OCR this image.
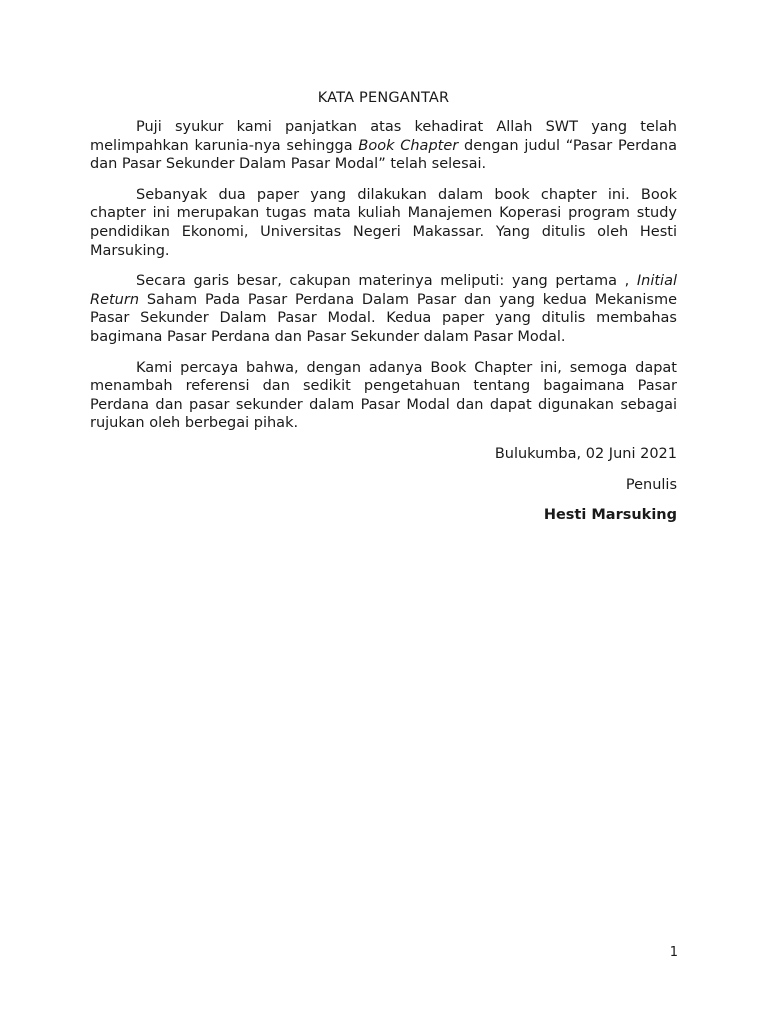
KATA PENGANTAR

Puji syukur kami panjatkan atas kehadirat Allah SWT yang telah melimpahkan karunia-nya sehingga Book Chapter dengan judul “Pasar Perdana dan Pasar Sekunder Dalam Pasar Modal” telah selesai.

Sebanyak dua paper yang dilakukan dalam book chapter ini. Book chapter ini merupakan tugas mata kuliah Manajemen Koperasi program study pendidikan Ekonomi, Universitas Negeri Makassar. Yang ditulis oleh Hesti Marsuking.

Secara garis besar, cakupan materinya meliputi: yang pertama , Initial Return Saham Pada Pasar Perdana Dalam Pasar dan yang kedua Mekanisme Pasar Sekunder Dalam Pasar Modal. Kedua paper yang ditulis membahas bagimana Pasar Perdana dan Pasar Sekunder dalam Pasar Modal.

Kami percaya bahwa, dengan adanya Book Chapter ini, semoga dapat menambah referensi dan sedikit pengetahuan tentang bagaimana Pasar Perdana dan pasar sekunder dalam Pasar Modal dan dapat digunakan sebagai rujukan oleh berbegai pihak.

Bulukumba, 02 Juni 2021
Penulis
Hesti Marsuking
1
